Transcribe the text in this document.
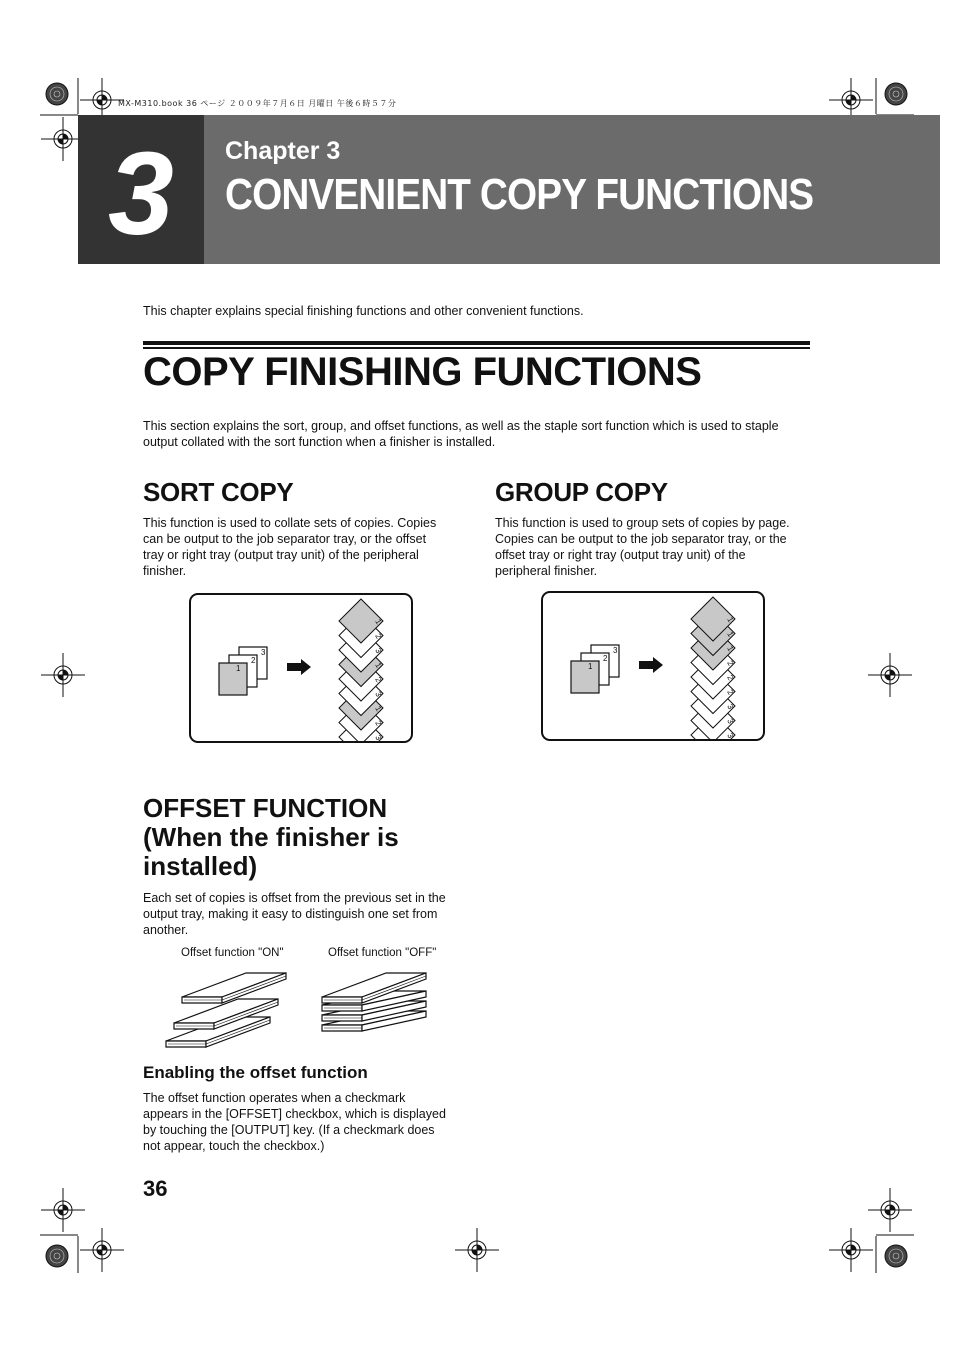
MX-M310.book 36 ページ ２００９年７月６日 月曜日 午後６時５７分
3	Chapter 3
CONVENIENT COPY FUNCTIONS
This chapter explains special finishing functions and other convenient functions.
COPY FINISHING FUNCTIONS
This section explains the sort, group, and offset functions, as well as the staple sort function which is used to staple
output collated with the sort function when a finisher is installed.
SORT COPY
This function is used to collate sets of copies. Copies
can be output to the job separator tray, or the offset
tray or right tray (output tray unit) of the peripheral
finisher.
3
2
1
3
2
1
3
2
1
3
2
1
GROUP COPY
This function is used to group sets of copies by page.
Copies can be output to the job separator tray, or the
offset tray or right tray (output tray unit) of the
peripheral finisher.
3
2
1
3
3
3
2
2
2
1
1
1
OFFSET FUNCTION
(When the finisher is
installed)
Each set of copies is offset from the previous set in the
output tray, making it easy to distinguish one set from
another.
Offset function "ON"	Offset function "OFF"
Enabling the offset function
The offset function operates when a checkmark
appears in the [OFFSET] checkbox, which is displayed
by touching the [OUTPUT] key. (If a checkmark does
not appear, touch the checkbox.)
36
